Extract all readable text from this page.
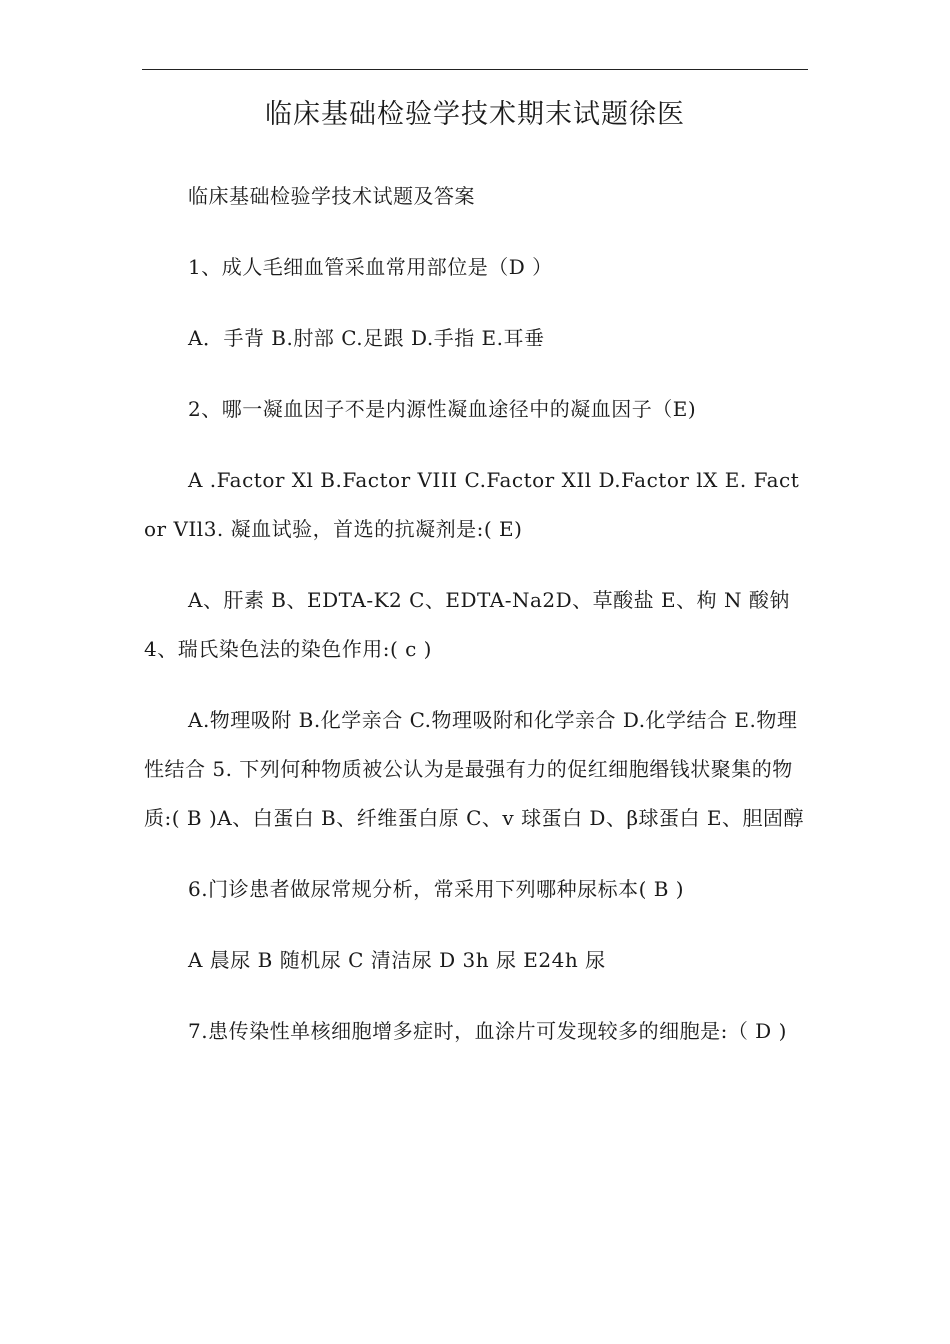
临床基础检验学技术期末试题徐医

临床基础检验学技术试题及答案

1、成人毛细血管采血常用部位是（D ）

A．手背 B.肘部 C.足跟 D.手指 E.耳垂

2、哪一凝血因子不是内源性凝血途径中的凝血因子（E)

A .Factor Xl B.Factor VIII C.Factor XIl D.Factor lX E. Factor VIl3. 凝血试验，首选的抗凝剂是:( E)

A、肝素 B、EDTA-K2 C、EDTA-Na2D、草酸盐 E、枸 N 酸钠 4、瑞氏染色法的染色作用:( c )

A.物理吸附 B.化学亲合 C.物理吸附和化学亲合 D.化学结合 E.物理性结合 5. 下列何种物质被公认为是最强有力的促红细胞缗钱状聚集的物质:( B )A、白蛋白 B、纤维蛋白原 C、v 球蛋白 D、β球蛋白 E、胆固醇

6.门诊患者做尿常规分析，常采用下列哪种尿标本( B )

A 晨尿 B 随机尿 C 清洁尿 D 3h 尿 E24h 尿

7.患传染性单核细胞增多症时，血涂片可发现较多的细胞是:（ D )
